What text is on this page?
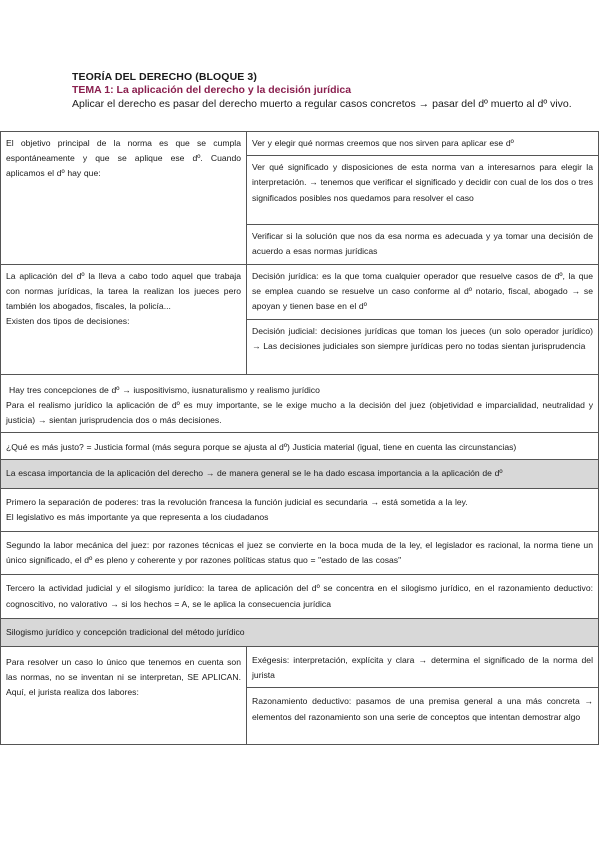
TEORÍA DEL DERECHO (BLOQUE 3)
TEMA 1: La aplicación del derecho y la decisión jurídica
Aplicar el derecho es pasar del derecho muerto a regular casos concretos → pasar del dº muerto al dº vivo.
El objetivo principal de la norma es que se cumpla espontáneamente y que se aplique ese dº. Cuando aplicamos el dº hay que:	Ver y elegir qué normas creemos que nos sirven para aplicar ese dº
	Ver qué significado y disposiciones de esta norma van a interesarnos para elegir la interpretación. → tenemos que verificar el significado y decidir con cual de los dos o tres significados posibles nos quedamos para resolver el caso
	Verificar si la solución que nos da esa norma es adecuada y ya tomar una decisión de acuerdo a esas normas jurídicas

La aplicación del dº la lleva a cabo todo aquel que trabaja con normas jurídicas, la tarea la realizan los jueces pero también los abogados, fiscales, la policía...

Existen dos tipos de decisiones:	Decisión jurídica: es la que toma cualquier operador que resuelve casos de dº, la que se emplea cuando se resuelve un caso conforme al dº notario, fiscal, abogado → se apoyan y tienen base en el dº
	Decisión judicial: decisiones jurídicas que toman los jueces (un solo operador jurídico) → Las decisiones judiciales son siempre jurídicas pero no todas sientan jurisprudencia

Hay tres concepciones de dº → iuspositivismo, iusnaturalismo y realismo jurídico

Para el realismo jurídico la aplicación de dº es muy importante, se le exige mucho a la decisión del juez (objetividad e imparcialidad, neutralidad y justicia) → sientan jurisprudencia dos o más decisiones.	

¿Qué es más justo? = Justicia formal (más segura porque se ajusta al dº) Justicia material (igual, tiene en cuenta las circunstancias)	
La escasa importancia de la aplicación del derecho → de manera general se le ha dado escasa importancia a la aplicación de dº	

Primero la separación de poderes: tras la revolución francesa la función judicial es secundaria → está sometida a la ley.

El legislativo es más importante ya que representa a los ciudadanos	

Segundo la labor mecánica del juez: por razones técnicas el juez se convierte en la boca muda de la ley, el legislador es racional, la norma tiene un único significado, el dº es pleno y coherente y por razones políticas status quo = "estado de las cosas"	
Tercero la actividad judicial y el silogismo jurídico: la tarea de aplicación del dº se concentra en el silogismo jurídico, en el razonamiento deductivo: cognoscitivo, no valorativo → si los hechos = A, se le aplica la consecuencia jurídica	
Silogismo jurídico y concepción tradicional del método jurídico	
Para resolver un caso lo único que tenemos en cuenta son las normas, no se inventan ni se interpretan, SE APLICAN. Aquí, el jurista realiza dos labores:	Exégesis: interpretación, explícita y clara → determina el significado de la norma del jurista
	Razonamiento deductivo: pasamos de una premisa general a una más concreta → elementos del razonamiento son una serie de conceptos que intentan demostrar algo
